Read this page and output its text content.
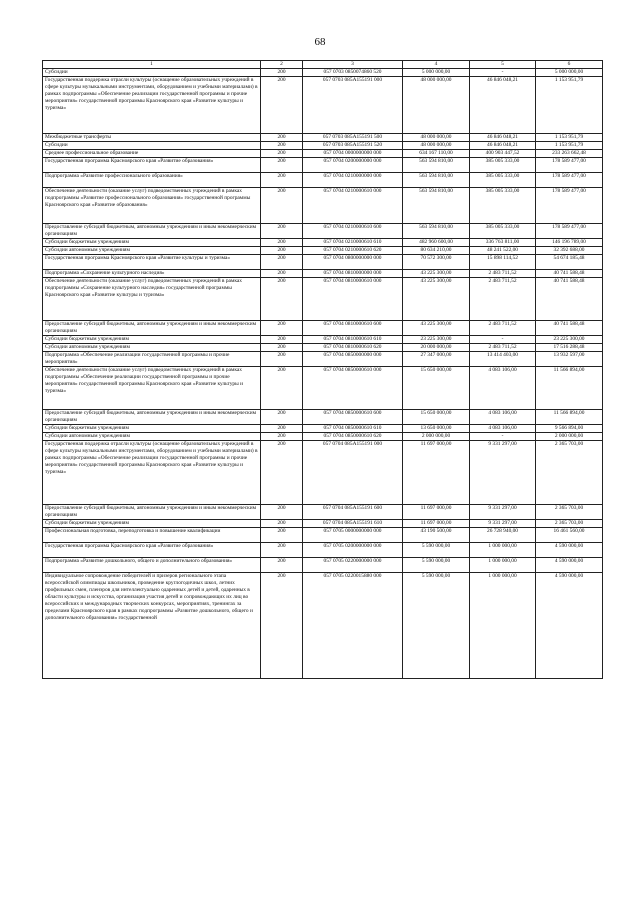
68
1	2	3	4	5	6
Субсидии	200	057 0703 0850074860 520	5 000 000,00	-	5 000 000,00
Государственная поддержка отрасли культуры (оснащение образовательных учреждений в сфере культуры музыкальными инструментами, оборудованием и учебными материалами) в рамках подпрограммы «Обеспечение реализации государственной программы и прочие мероприятия» государственной программы Красноярского края «Развитие культуры и туризма»	200	057 0703 085A155191 000	48 000 000,00	46 846 048,21	1 153 951,79
Межбюджетные трансферты	200	057 0703 085A155191 500	48 000 000,00	46 846 048,21	1 153 951,79
Субсидии	200	057 0703 085A155191 520	48 000 000,00	46 846 048,21	1 153 951,79
Среднее профессиональное образование	200	057 0704 0000000000 000	634 167 110,00	400 903 447,52	233 263 662,48
Государственная программа Красноярского края «Развитие образования»	200	057 0704 0200000000 000	563 594 810,00	385 005 333,00	178 589 477,00
Подпрограмма «Развитие профессионального образования»	200	057 0704 0210000000 000	563 594 810,00	385 005 333,00	178 589 477,00
Обеспечение деятельности (оказание услуг) подведомственных учреждений в рамках подпрограммы «Развитие профессионального образования» государственной программы Красноярского края «Развитие образования»	200	057 0704 0210000610 000	563 594 810,00	385 005 333,00	178 589 477,00
Предоставление субсидий бюджетным, автономным учреждениям и иным некоммерческим организациям	200	057 0704 0210000610 600	563 594 810,00	385 005 333,00	178 589 477,00
Субсидии бюджетным учреждениям	200	057 0704 0210000610 610	482 960 600,00	336 763 811,00	146 196 789,00
Субсидии автономным учреждениям	200	057 0704 0210000610 620	80 634 210,00	48 241 522,00	32 392 688,00
Государственная программа Красноярского края «Развитие культуры и туризма»	200	057 0704 0800000000 000	70 572 300,00	15 898 114,52	54 674 185,48
Подпрограмма «Сохранение культурного наследия»	200	057 0704 0810000000 000	43 225 300,00	2 483 711,52	40 741 588,48
Обеспечение деятельности (оказание услуг) подведомственных учреждений в рамках подпрограммы «Сохранение культурного наследия» государственной программы Красноярского края «Развитие культуры и туризма»	200	057 0704 0810000610 000	43 225 300,00	2 483 711,52	40 741 588,48
Предоставление субсидий бюджетным, автономным учреждениям и иным некоммерческим организациям	200	057 0704 0810000610 600	43 225 300,00	2 483 711,52	40 741 588,48
Субсидии бюджетным учреждениям	200	057 0704 0810000610 610	23 225 300,00	-	23 225 300,00
Субсидии автономным учреждениям	200	057 0704 0810000610 620	20 000 000,00	2 483 711,52	17 516 288,48
Подпрограмма «Обеспечение реализации государственной программы и прочие мероприятия»	200	057 0704 0850000000 000	27 347 000,00	13 414 403,00	13 932 597,00
Обеспечение деятельности (оказание услуг) подведомственных учреждений в рамках подпрограммы «Обеспечение реализации государственной программы и прочие мероприятия» государственной программы Красноярского края «Развитие культуры и туризма»	200	057 0704 0850000610 000	15 650 000,00	4 083 106,00	11 566 894,00
Предоставление субсидий бюджетным, автономным учреждениям и иным некоммерческим организациям	200	057 0704 0850000610 600	15 650 000,00	4 083 106,00	11 566 894,00
Субсидии бюджетным учреждениям	200	057 0704 0850000610 610	13 650 000,00	4 083 106,00	9 566 894,00
Субсидии автономным учреждениям	200	057 0704 0850000610 620	2 000 000,00	-	2 000 000,00
Государственная поддержка отрасли культуры (оснащение образовательных учреждений в сфере культуры музыкальными инструментами, оборудованием и учебными материалами) в рамках подпрограммы «Обеспечение реализации государственной программы и прочие мероприятия» государственной программы Красноярского края «Развитие культуры и туризма»	200	057 0704 085A155191 000	11 697 000,00	9 331 297,00	2 365 703,00
Предоставление субсидий бюджетным, автономным учреждениям и иным некоммерческим организациям	200	057 0704 085A155191 600	11 697 000,00	9 331 297,00	2 365 703,00
Субсидии бюджетным учреждениям	200	057 0704 085A155191 610	11 697 000,00	9 331 297,00	2 365 703,00
Профессиональная подготовка, переподготовка и повышение квалификации	200	057 0705 0000000000 000	43 190 500,00	26 728 940,00	16 461 560,00
Государственная программа Красноярского края «Развитие образования»	200	057 0705 0200000000 000	5 590 000,00	1 000 000,00	4 590 000,00
Подпрограмма «Развитие дошкольного, общего и дополнительного образования»	200	057 0705 0220000000 000	5 590 000,00	1 000 000,00	4 590 000,00
Индивидуальное сопровождение победителей и призеров регионального этапа всероссийской олимпиады школьников, проведение круглогодичных школ, летних профильных смен, пленэров для интеллектуально одаренных детей и детей, одаренных в области культуры и искусства, организация участия детей и сопровождающих их лиц во всероссийских и международных творческих конкурсах, мероприятиях, тренингах за пределами Красноярского края в рамках подпрограммы «Развитие дошкольного, общего и дополнительного образования» государственной	200	057 0705 0220015880 000	5 590 000,00	1 000 000,00	4 590 000,00
